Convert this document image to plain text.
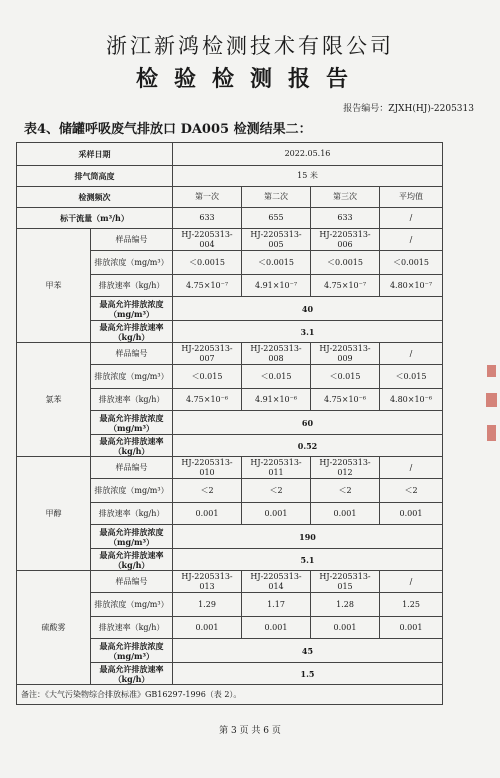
浙江新鸿检测技术有限公司
检验检测报告
报告编号：ZJXH(HJ)-2205313
表4、储罐呼吸废气排放口 DA005 检测结果二：
采样日期		2022.05.16			
排气筒高度		15 米			
检测频次		第一次	第二次	第三次	平均值
标干流量（m³/h）		633	655	633	/
甲苯	样品编号	HJ-2205313-004	HJ-2205313-005	HJ-2205313-006	/
	排放浓度（mg/m³）	＜0.0015	＜0.0015	＜0.0015	＜0.0015
	排放速率（kg/h）	4.75×10⁻⁷	4.91×10⁻⁷	4.75×10⁻⁷	4.80×10⁻⁷
	最高允许排放浓度（mg/m³）	40			
	最高允许排放速率（kg/h）	3.1			
氯苯	样品编号	HJ-2205313-007	HJ-2205313-008	HJ-2205313-009	/
	排放浓度（mg/m³）	＜0.015	＜0.015	＜0.015	＜0.015
	排放速率（kg/h）	4.75×10⁻⁶	4.91×10⁻⁶	4.75×10⁻⁶	4.80×10⁻⁶
	最高允许排放浓度（mg/m³）	60			
	最高允许排放速率（kg/h）	0.52			
甲醇	样品编号	HJ-2205313-010	HJ-2205313-011	HJ-2205313-012	/
	排放浓度（mg/m³）	＜2	＜2	＜2	＜2
	排放速率（kg/h）	0.001	0.001	0.001	0.001
	最高允许排放浓度（mg/m³）	190			
	最高允许排放速率（kg/h）	5.1			
硫酸雾	样品编号	HJ-2205313-013	HJ-2205313-014	HJ-2205313-015	/
	排放浓度（mg/m³）	1.29	1.17	1.28	1.25
	排放速率（kg/h）	0.001	0.001	0.001	0.001
	最高允许排放浓度（mg/m³）	45			
	最高允许排放速率（kg/h）	1.5			
备注：《大气污染物综合排放标准》GB16297-1996（表 2）。					
第 3 页 共 6 页
